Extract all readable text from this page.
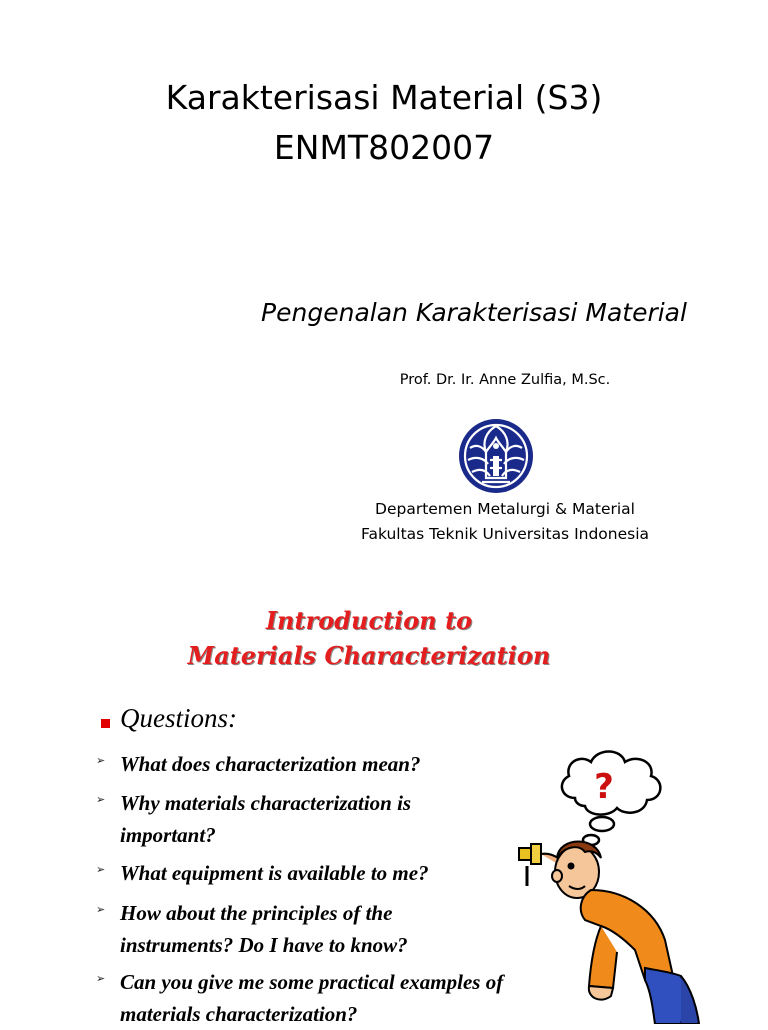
Karakterisasi Material (S3)
ENMT802007
Pengenalan Karakterisasi Material
Prof. Dr. Ir. Anne Zulfia, M.Sc.
Departemen Metalurgi & Material
Fakultas Teknik Universitas Indonesia
Introduction to
Materials Characterization
Questions:
➢ What does characterization mean?
➢ Why materials characterization is important?
➢ What equipment is available to me?
➢ How about the principles of the instruments? Do I have to know?
➢ Can you give me some practical examples of materials characterization?
?
